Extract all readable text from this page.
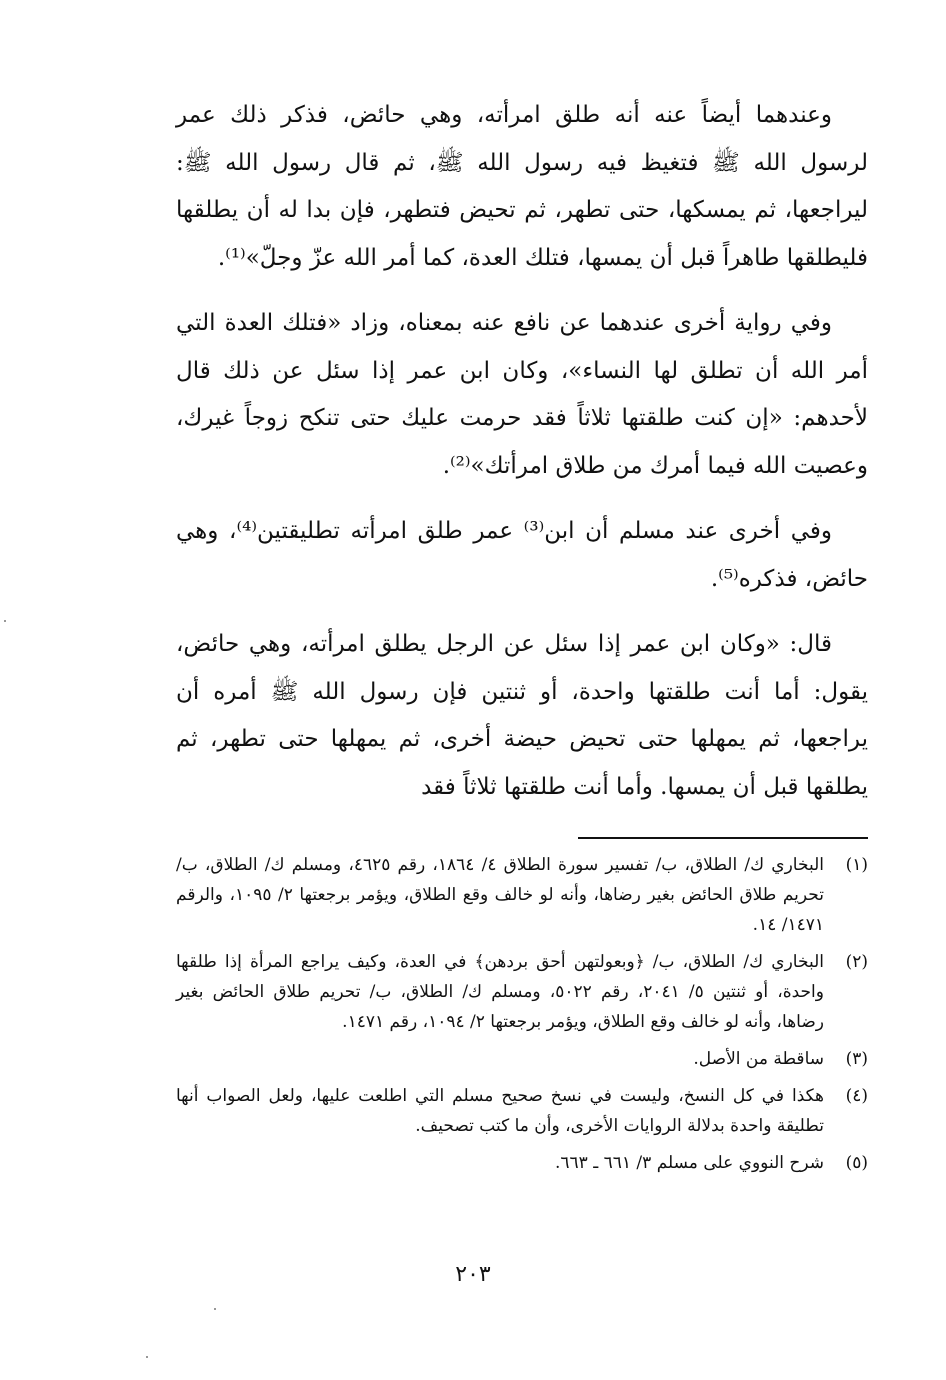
وعندهما أيضاً عنه أنه طلق امرأته، وهي حائض، فذكر ذلك عمر لرسول الله ﷺ فتغيظ فيه رسول الله ﷺ، ثم قال رسول الله ﷺ: ليراجعها، ثم يمسكها، حتى تطهر، ثم تحيض فتطهر، فإن بدا له أن يطلقها فليطلقها طاهراً قبل أن يمسها، فتلك العدة، كما أمر الله عزّ وجلّ»⁽¹⁾.

وفي رواية أخرى عندهما عن نافع عنه بمعناه، وزاد «فتلك العدة التي أمر الله أن تطلق لها النساء»، وكان ابن عمر إذا سئل عن ذلك قال لأحدهم: «إن كنت طلقتها ثلاثاً فقد حرمت عليك حتى تنكح زوجاً غيرك، وعصيت الله فيما أمرك من طلاق امرأتك»⁽²⁾.

وفي أخرى عند مسلم أن ابن⁽³⁾ عمر طلق امرأته تطليقتين⁽⁴⁾، وهي حائض، فذكره⁽⁵⁾.

قال: «وكان ابن عمر إذا سئل عن الرجل يطلق امرأته، وهي حائض، يقول: أما أنت طلقتها واحدة، أو ثنتين فإن رسول الله ﷺ أمره أن يراجعها، ثم يمهلها حتى تحيض حيضة أخرى، ثم يمهلها حتى تطهر، ثم يطلقها قبل أن يمسها. وأما أنت طلقتها ثلاثاً فقد

(١)
البخاري ك/ الطلاق، ب/ تفسير سورة الطلاق ٤/ ١٨٦٤، رقم ٤٦٢٥، ومسلم ك/ الطلاق، ب/ تحريم طلاق الحائض بغير رضاها، وأنه لو خالف وقع الطلاق، ويؤمر برجعتها ٢/ ١٠٩٥، والرقم ١٤٧١/ ١٤.
(٢)
البخاري ك/ الطلاق، ب/ ﴿وبعولتهن أحق بردهن﴾ في العدة، وكيف يراجع المرأة إذا طلقها واحدة، أو ثنتين ٥/ ٢٠٤١، رقم ٥٠٢٢، ومسلم ك/ الطلاق، ب/ تحريم طلاق الحائض بغير رضاها، وأنه لو خالف وقع الطلاق، ويؤمر برجعتها ٢/ ١٠٩٤، رقم ١٤٧١.
(٣)
ساقطة من الأصل.
(٤)
هكذا في كل النسخ، وليست في نسخ صحيح مسلم التي اطلعت عليها، ولعل الصواب أنها تطليقة واحدة بدلالة الروايات الأخرى، وأن ما كتب تصحيف.
(٥)
شرح النووي على مسلم ٣/ ٦٦١ ـ ٦٦٣.
٢٠٣
